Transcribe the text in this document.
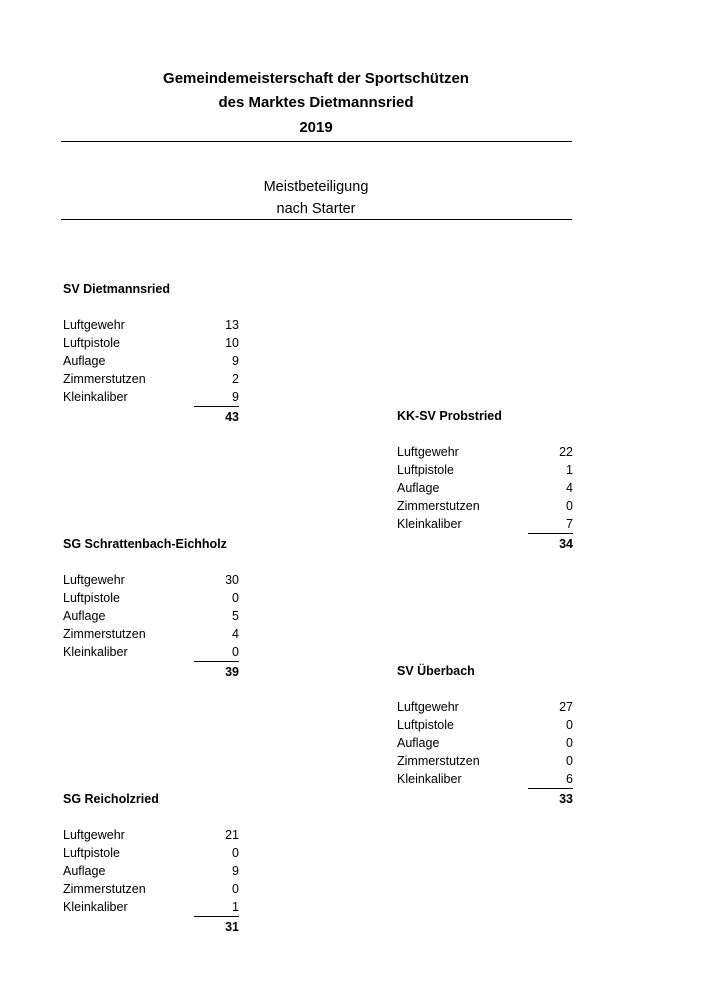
Gemeindemeisterschaft der Sportschützen
des Marktes Dietmannsried
2019
Meistbeteiligung
nach Starter
SV Dietmannsried
Luftgewehr	13
Luftpistole	10
Auflage	9
Zimmerstutzen	2
Kleinkaliber	9
43	KK-SV Probstried
Luftgewehr	22
Luftpistole	1
Auflage	4
Zimmerstutzen	0
Kleinkaliber	7
34
SG Schrattenbach-Eichholz
Luftgewehr	30
Luftpistole	0
Auflage	5
Zimmerstutzen	4
Kleinkaliber	0
39	SV Überbach
Luftgewehr	27
Luftpistole	0
Auflage	0
Zimmerstutzen	0
Kleinkaliber	6
33
SG Reicholzried
Luftgewehr	21
Luftpistole	0
Auflage	9
Zimmerstutzen	0
Kleinkaliber	1
31
